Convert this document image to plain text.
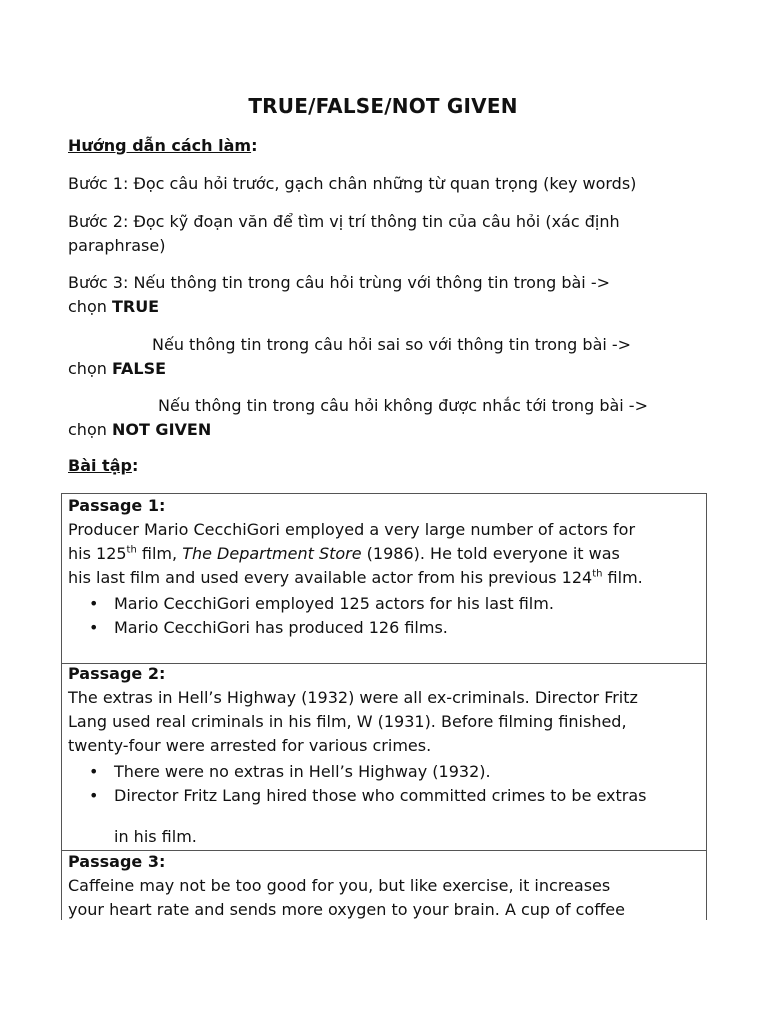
TRUE/FALSE/NOT GIVEN
Hướng dẫn cách làm:
Bước 1: Đọc câu hỏi trước, gạch chân những từ quan trọng (key words)
Bước 2: Đọc kỹ đoạn văn để tìm vị trí thông tin của câu hỏi (xác định
paraphrase)
Bước 3: Nếu thông tin trong câu hỏi trùng với thông tin trong bài ->
chọn TRUE
Nếu thông tin trong câu hỏi sai so với thông tin trong bài ->
chọn FALSE
Nếu thông tin trong câu hỏi không được nhắc tới trong bài ->
chọn NOT GIVEN
Bài tập:
Passage 1:
Producer Mario CecchiGori employed a very large number of actors for
his 125th film, The Department Store (1986). He told everyone it was
his last film and used every available actor from his previous 124th film.
• Mario CecchiGori employed 125 actors for his last film.
• Mario CecchiGori has produced 126 films.
Passage 2:
The extras in Hell’s Highway (1932) were all ex-criminals. Director Fritz
Lang used real criminals in his film, W (1931). Before filming finished,
twenty-four were arrested for various crimes.
• There were no extras in Hell’s Highway (1932).
• Director Fritz Lang hired those who committed crimes to be extras
in his film.
Passage 3:
Caffeine may not be too good for you, but like exercise, it increases
your heart rate and sends more oxygen to your brain. A cup of coffee
